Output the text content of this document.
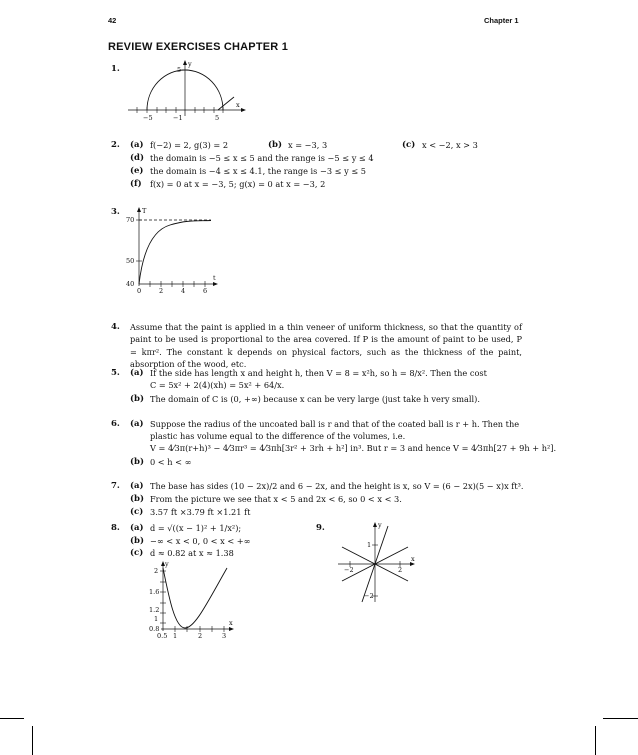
42	Chapter 1
REVIEW EXERCISES CHAPTER 1
1.	y
x
5
−5	−1	5
2. (a) f(−2) = 2, g(3) = 2	(b) x = −3, 3	(c) x < −2, x > 3
(d) the domain is −5 ≤ x ≤ 5 and the range is −5 ≤ y ≤ 4
(e) the domain is −4 ≤ x ≤ 4.1, the range is −3 ≤ y ≤ 5
(f) f(x) = 0 at x = −3, 5; g(x) = 0 at x = −3, 2
3.	T
t
70
50
40
0	2	4	6
4. Assume that the paint is applied in a thin veneer of uniform thickness, so that the quantity of paint to be used is proportional to the area covered. If P is the amount of paint to be used, P = kπr². The constant k depends on physical factors, such as the thickness of the paint, absorption of the wood, etc.
5. (a) If the side has length x and height h, then V = 8 = x²h, so h = 8/x². Then the cost
C = 5x² + 2(4)(xh) = 5x² + 64/x.
(b) The domain of C is (0, +∞) because x can be very large (just take h very small).
6. (a) Suppose the radius of the uncoated ball is r and that of the coated ball is r + h. Then the
plastic has volume equal to the difference of the volumes, i.e.
V = 4⁄3π(r+h)³ − 4⁄3πr³ = 4⁄3πh[3r² + 3rh + h²] in³. But r = 3 and hence V = 4⁄3πh[27 + 9h + h²].
(b) 0 < h < ∞
7. (a) The base has sides (10 − 2x)/2 and 6 − 2x, and the height is x, so V = (6 − 2x)(5 − x)x ft³.
(b) From the picture we see that x < 5 and 2x < 6, so 0 < x < 3.
(c) 3.57 ft ×3.79 ft ×1.21 ft
8. (a) d = √((x − 1)² + 1/x²);
(b) −∞ < x < 0, 0 < x < +∞
(c) d ≈ 0.82 at x ≈ 1.38
y
x
2
1.6
1.2
1
0.8
0.5 1	2	3
9.	y
x
1
−2
−2	2
